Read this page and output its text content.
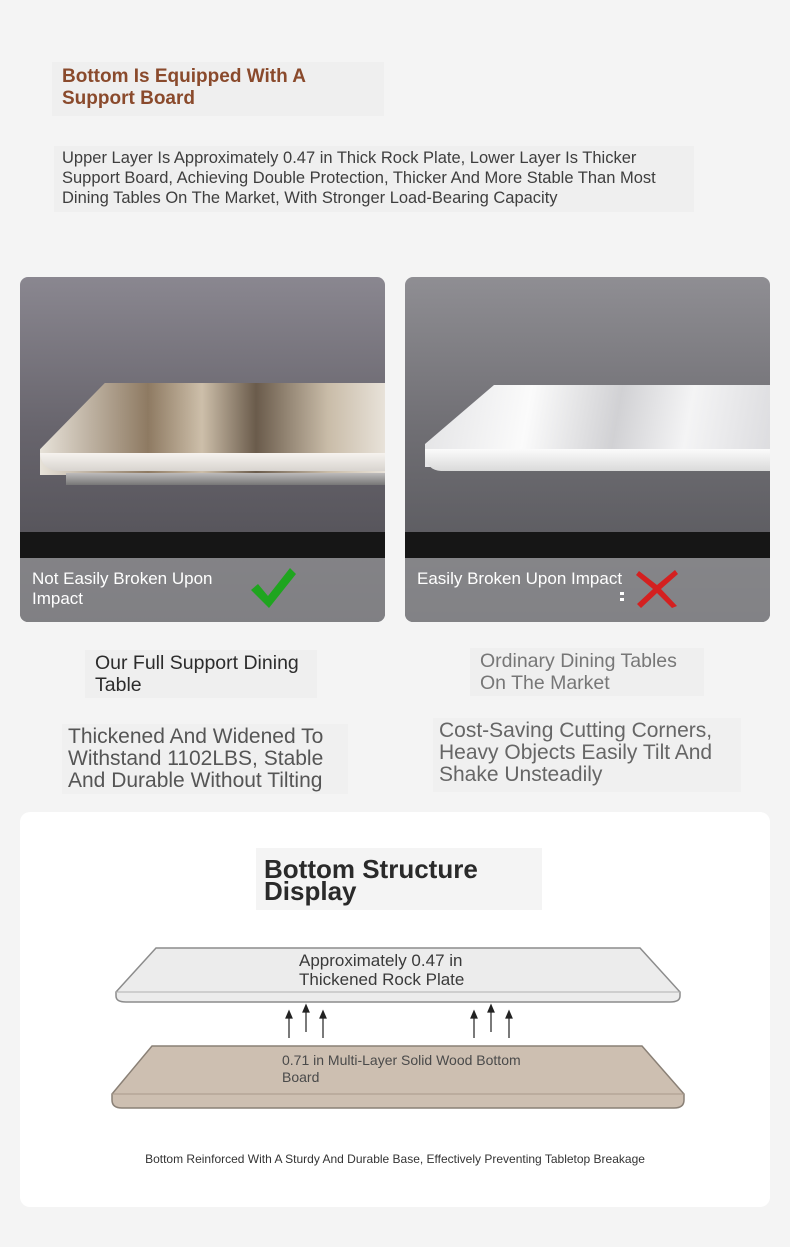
Bottom Is Equipped With A Support Board
Upper Layer Is Approximately 0.47 in Thick Rock Plate, Lower Layer Is Thicker Support Board, Achieving Double Protection, Thicker And More Stable Than Most Dining Tables On The Market, With Stronger Load-Bearing Capacity
Not Easily Broken Upon Impact
Easily Broken Upon Impact
Our Full Support Dining Table
Ordinary Dining Tables On The Market
Thickened And Widened To Withstand 1102LBS, Stable And Durable Without Tilting
Cost-Saving Cutting Corners, Heavy Objects Easily Tilt And Shake Unsteadily
Bottom Structure Display
Approximately 0.47 in Thickened Rock Plate
0.71 in Multi-Layer Solid Wood Bottom Board
Bottom Reinforced With A Sturdy And Durable Base, Effectively Preventing Tabletop Breakage
